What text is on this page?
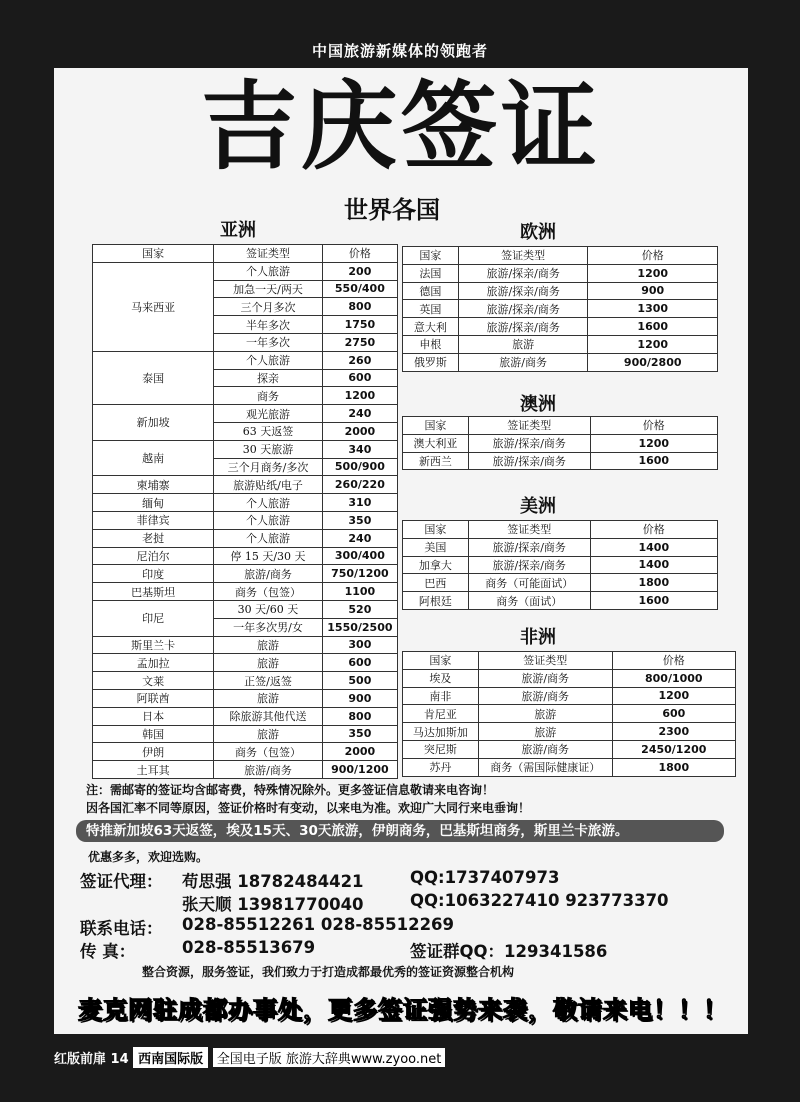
中国旅游新媒体的领跑者
吉庆签证
世界各国
亚洲	欧洲
澳洲
美洲
非洲
国家	签证类型	价格
马来西亚	个人旅游	200
	加急一天/两天	550/400
	三个月多次	800
	半年多次	1750
	一年多次	2750
泰国	个人旅游	260
	探亲	600
	商务	1200
新加坡	观光旅游	240
	63 天返签	2000
越南	30 天旅游	340
	三个月商务/多次	500/900
柬埔寨	旅游贴纸/电子	260/220
缅甸	个人旅游	310
菲律宾	个人旅游	350
老挝	个人旅游	240
尼泊尔	停 15 天/30 天	300/400
印度	旅游/商务	750/1200
巴基斯坦	商务（包签）	1100
印尼	30 天/60 天	520
	一年多次男/女	1550/2500
斯里兰卡	旅游	300
孟加拉	旅游	600
文莱	正签/返签	500
阿联酋	旅游	900
日本	除旅游其他代送	800
韩国	旅游	350
伊朗	商务（包签）	2000
土耳其	旅游/商务	900/1200
国家	签证类型	价格
法国	旅游/探亲/商务	1200
德国	旅游/探亲/商务	900
英国	旅游/探亲/商务	1300
意大利	旅游/探亲/商务	1600
申根	旅游	1200
俄罗斯	旅游/商务	900/2800
国家	签证类型	价格
澳大利亚	旅游/探亲/商务	1200
新西兰	旅游/探亲/商务	1600
国家	签证类型	价格
美国	旅游/探亲/商务	1400
加拿大	旅游/探亲/商务	1400
巴西	商务（可能面试）	1800
阿根廷	商务（面试）	1600
国家	签证类型	价格
埃及	旅游/商务	800/1000
南非	旅游/商务	1200
肯尼亚	旅游	600
马达加斯加	旅游	2300
突尼斯	旅游/商务	2450/1200
苏丹	商务（需国际健康证）	1800
注：需邮寄的签证均含邮寄费，特殊情况除外。更多签证信息敬请来电咨询！
因各国汇率不同等原因，签证价格时有变动，以来电为准。欢迎广大同行来电垂询！
特推新加坡63天返签，埃及15天、30天旅游，伊朗商务，巴基斯坦商务，斯里兰卡旅游。
优惠多多，欢迎选购。
签证代理： 苟思强 18782484421	QQ:1737407973
张天顺 13981770040	QQ:1063227410 923773370
联系电话： 028-85512261 028-85512269
传 真：	028-85513679	签证群QQ：129341586
整合资源，服务签证，我们致力于打造成都最优秀的签证资源整合机构
麦克网驻成都办事处，更多签证强势来袭，敬请来电！！！
红版前扉 14 西南国际版 全国电子版 旅游大辞典www.zyoo.net
